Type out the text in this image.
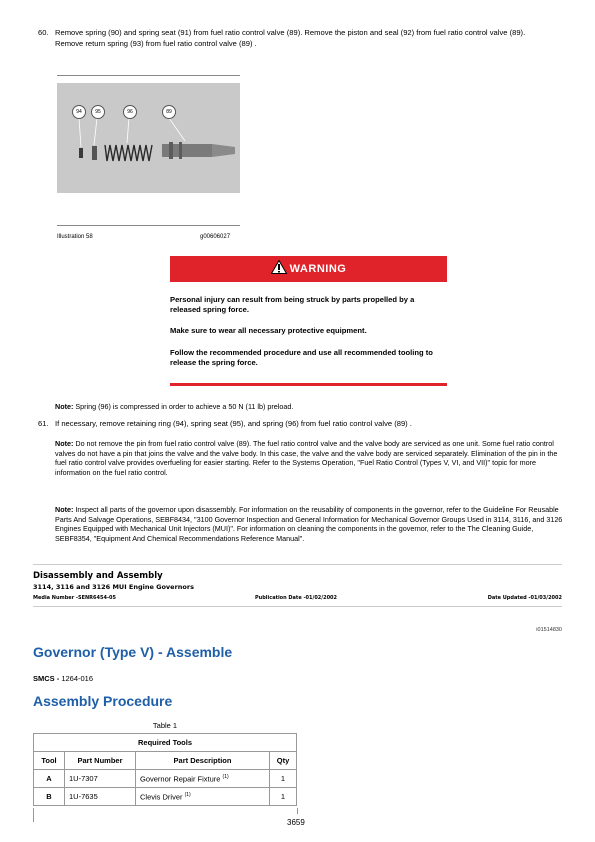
60. Remove spring (90) and spring seat (91) from fuel ratio control valve (89). Remove the piston and seal (92) from fuel ratio control valve (89). Remove return spring (93) from fuel ratio control valve (89) .
94	95	96	89
Illustration 58	g00606027
WARNING
Personal injury can result from being struck by parts propelled by a released spring force.
Make sure to wear all necessary protective equipment.
Follow the recommended procedure and use all recommended tooling to release the spring force.
Note: Spring (96) is compressed in order to achieve a 50 N (11 lb) preload.
61. If necessary, remove retaining ring (94), spring seat (95), and spring (96) from fuel ratio control valve (89) .
Note: Do not remove the pin from fuel ratio control valve (89). The fuel ratio control valve and the valve body are serviced as one unit. Some fuel ratio control valves do not have a pin that joins the valve and the valve body. In this case, the valve and the valve body are serviced separately. Elimination of the pin in the fuel ratio control valve provides overfueling for easier starting. Refer to the Systems Operation, "Fuel Ratio Control (Types V, VI, and VII)" topic for more information on the fuel ratio control.
Note: Inspect all parts of the governor upon disassembly. For information on the reusability of components in the governor, refer to the Guideline For Reusable Parts And Salvage Operations, SEBF8434, "3100 Governor Inspection and General Information for Mechanical Governor Groups Used in 3114, 3116, and 3126 Engines Equipped with Mechanical Unit Injectors (MUI)". For information on cleaning the components in the governor, refer to the The Cleaning Guide, SEBF8354, "Equipment And Chemical Recommendations Reference Manual".
Disassembly and Assembly
3114, 3116 and 3126 MUI Engine Governors
Media Number -SENR6454-05	Publication Date -01/02/2002	Date Updated -01/03/2002
i01514830
Governor (Type V) - Assemble
SMCS - 1264-016
Assembly Procedure
Table 1
Required Tools			
Tool	Part Number	Part Description	Qty
A	1U-7307	Governor Repair Fixture $^{(1)}$	1
B	1U-7635	Clevis Driver $^{(1)}$	1
3659
